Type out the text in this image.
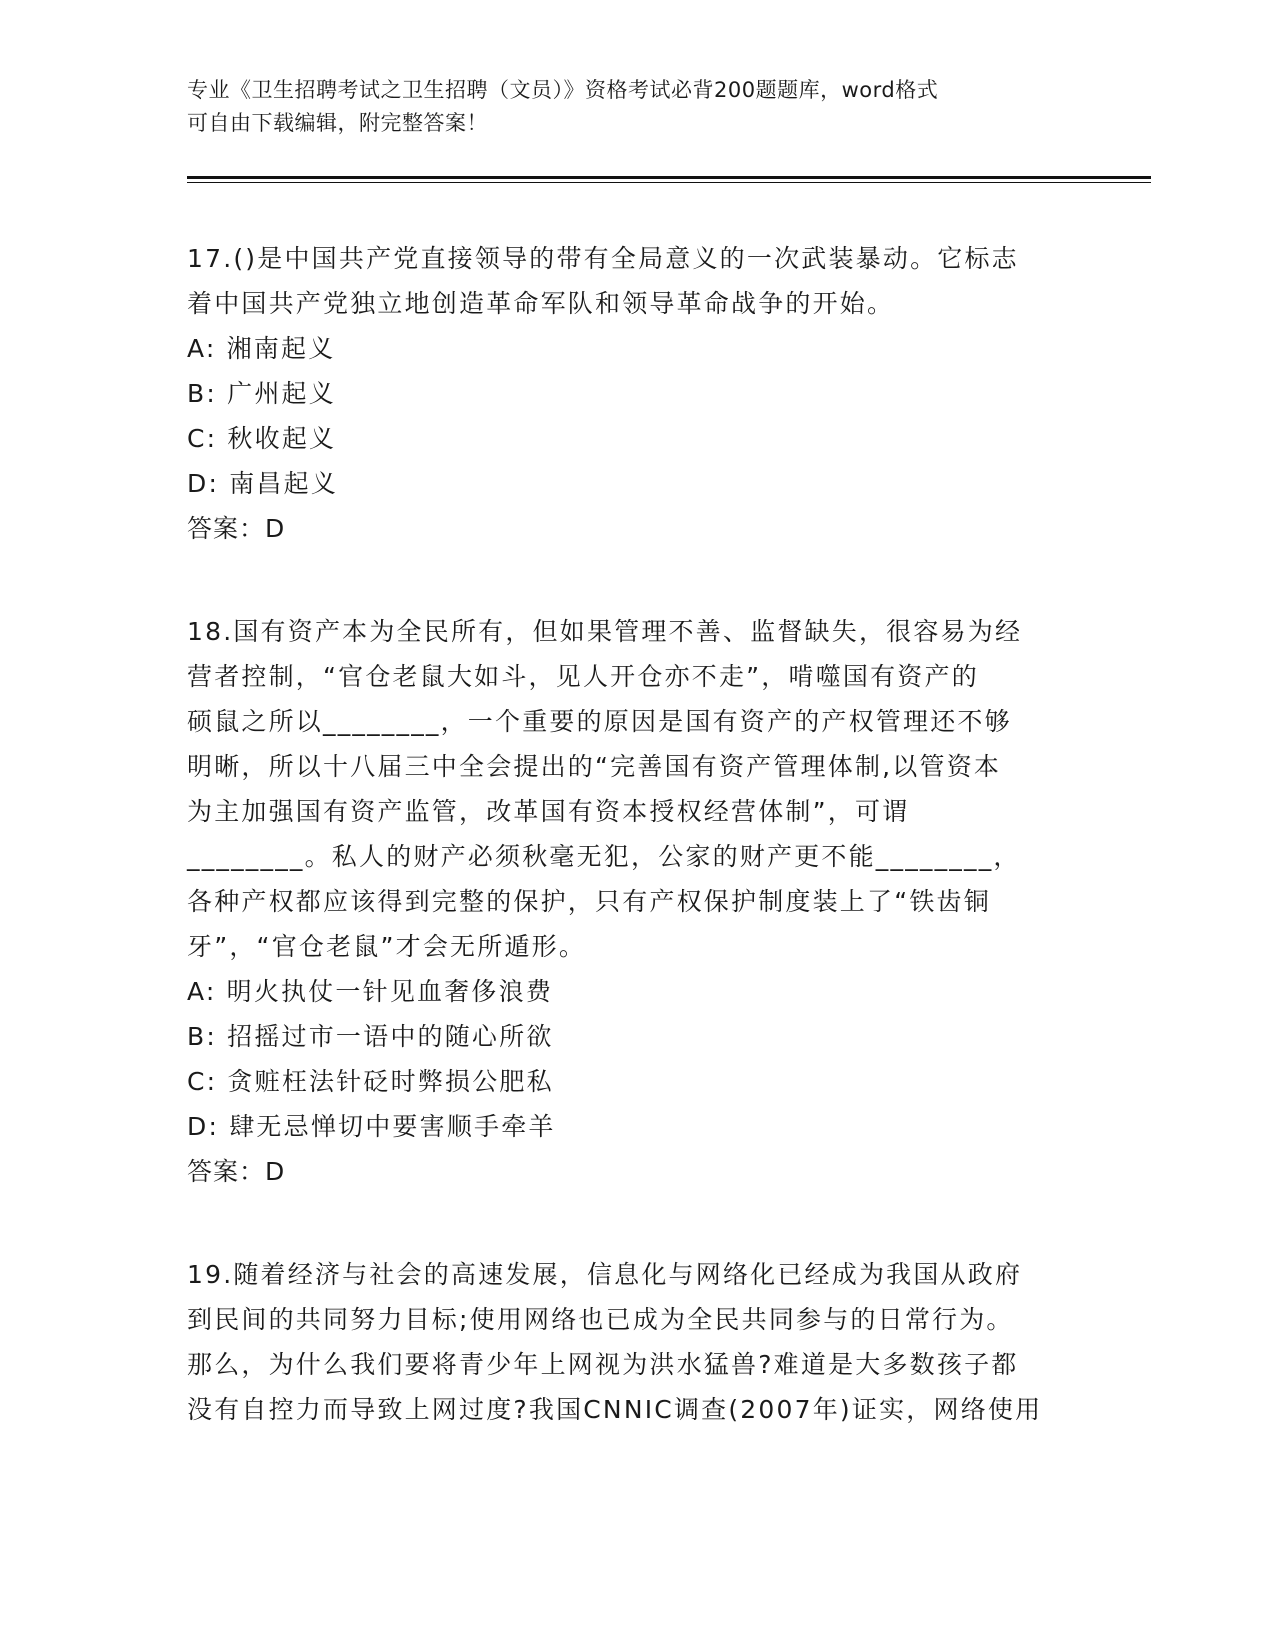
专业《卫生招聘考试之卫生招聘（文员）》资格考试必背200题题库，word格式
可自由下载编辑，附完整答案！
17.()是中国共产党直接领导的带有全局意义的一次武装暴动。它标志
着中国共产党独立地创造革命军队和领导革命战争的开始。
A: 湘南起义
B: 广州起义
C: 秋收起义
D: 南昌起义
答案：D
18.国有资产本为全民所有，但如果管理不善、监督缺失，很容易为经
营者控制，“官仓老鼠大如斗，见人开仓亦不走”，啃噬国有资产的
硕鼠之所以________，一个重要的原因是国有资产的产权管理还不够
明晰，所以十八届三中全会提出的“完善国有资产管理体制,以管资本
为主加强国有资产监管，改革国有资本授权经营体制”，可谓
________。私人的财产必须秋毫无犯，公家的财产更不能________，
各种产权都应该得到完整的保护，只有产权保护制度装上了“铁齿铜
牙”，“官仓老鼠”才会无所遁形。
A: 明火执仗一针见血奢侈浪费
B: 招摇过市一语中的随心所欲
C: 贪赃枉法针砭时弊损公肥私
D: 肆无忌惮切中要害顺手牵羊
答案：D
19.随着经济与社会的高速发展，信息化与网络化已经成为我国从政府
到民间的共同努力目标;使用网络也已成为全民共同参与的日常行为。
那么，为什么我们要将青少年上网视为洪水猛兽?难道是大多数孩子都
没有自控力而导致上网过度?我国CNNIC调查(2007年)证实，网络使用
